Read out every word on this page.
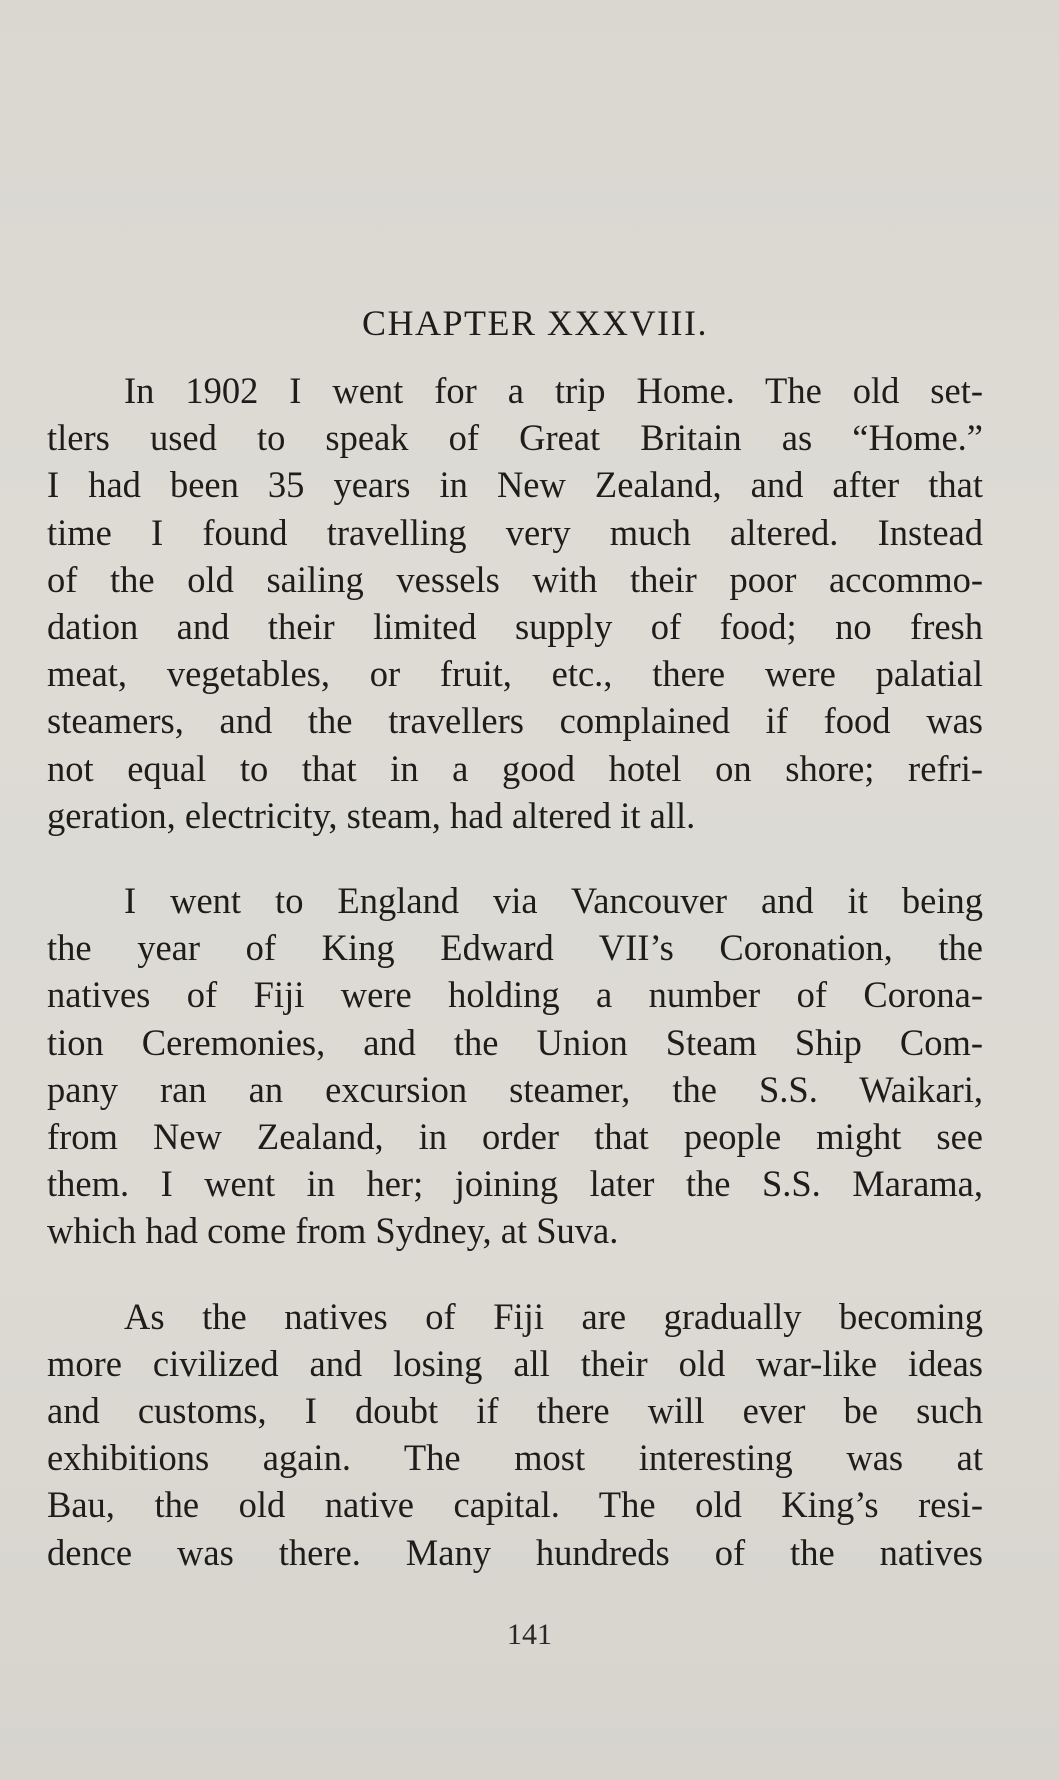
CHAPTER XXXVIII.

In 1902 I went for a trip Home. The old set-
tlers used to speak of Great Britain as “Home.”
I had been 35 years in New Zealand, and after that
time I found travelling very much altered. Instead
of the old sailing vessels with their poor accommo-
dation and their limited supply of food; no fresh
meat, vegetables, or fruit, etc., there were palatial
steamers, and the travellers complained if food was
not equal to that in a good hotel on shore; refri-
geration, electricity, steam, had altered it all.

I went to England via Vancouver and it being
the year of King Edward VII’s Coronation, the
natives of Fiji were holding a number of Corona-
tion Ceremonies, and the Union Steam Ship Com-
pany ran an excursion steamer, the S.S. Waikari,
from New Zealand, in order that people might see
them. I went in her; joining later the S.S. Marama,
which had come from Sydney, at Suva.

As the natives of Fiji are gradually becoming
more civilized and losing all their old war-like ideas
and customs, I doubt if there will ever be such
exhibitions again. The most interesting was at
Bau, the old native capital. The old King’s resi-
dence was there. Many hundreds of the natives

141
